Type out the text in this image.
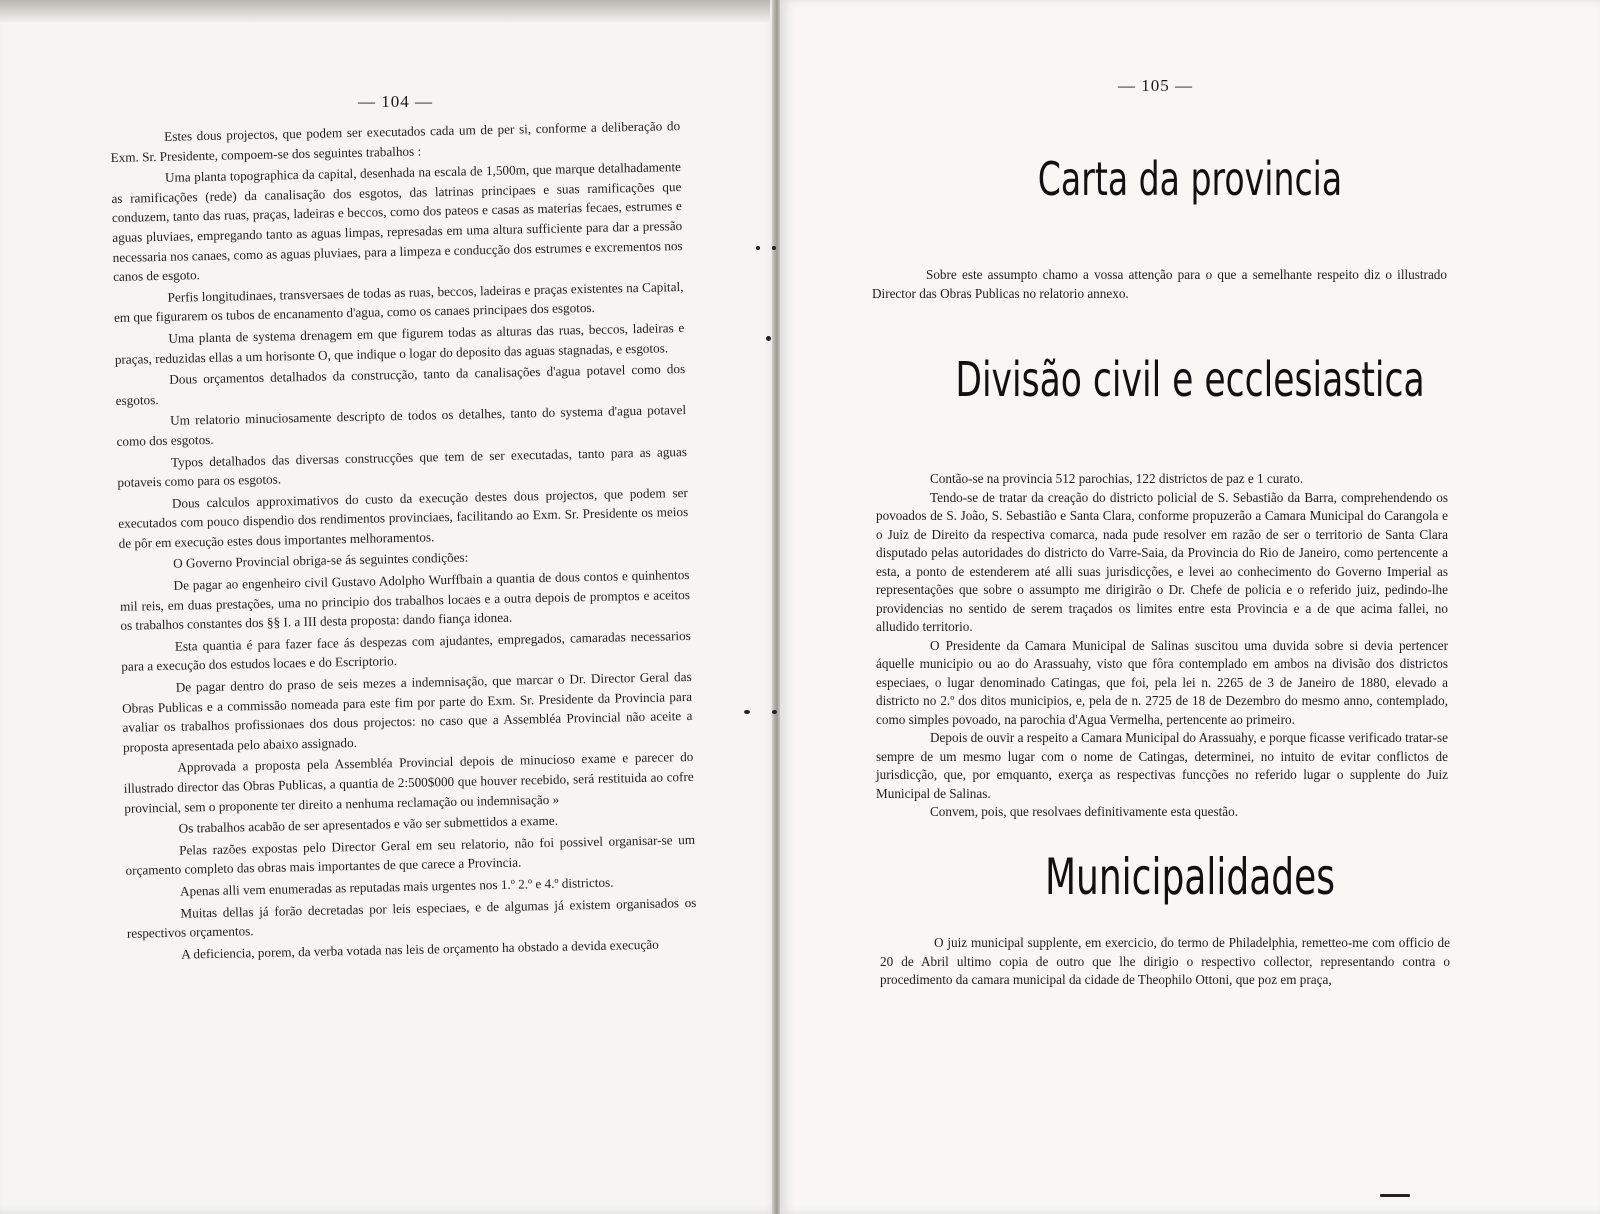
— 104 —

Estes dous projectos, que podem ser executados cada um de per si, conforme a deliberação do Exm. Sr. Presidente, compoem-se dos seguintes trabalhos :

Uma planta topographica da capital, desenhada na escala de 1,500m, que marque detalhadamente as ramificações (rede) da canalisação dos esgotos, das latrinas principaes e suas ramificações que conduzem, tanto das ruas, praças, ladeiras e beccos, como dos pateos e casas as materias fecaes, estrumes e aguas pluviaes, empregando tanto as aguas limpas, represadas em uma altura sufficiente para dar a pressão necessaria nos canaes, como as aguas pluviaes, para a limpeza e conducção dos estrumes e excrementos nos canos de esgoto.

Perfis longitudinaes, transversaes de todas as ruas, beccos, ladeiras e praças existentes na Capital, em que figurarem os tubos de encanamento d'agua, como os canaes principaes dos esgotos.

Uma planta de systema drenagem em que figurem todas as alturas das ruas, beccos, ladeiras e praças, reduzidas ellas a um horisonte O, que indique o logar do deposito das aguas stagnadas, e esgotos.

Dous orçamentos detalhados da construcção, tanto da canalisações d'agua potavel como dos esgotos.

Um relatorio minuciosamente descripto de todos os detalhes, tanto do systema d'agua potavel como dos esgotos.

Typos detalhados das diversas construcções que tem de ser executadas, tanto para as aguas potaveis como para os esgotos.

Dous calculos approximativos do custo da execução destes dous projectos, que podem ser executados com pouco dispendio dos rendimentos provinciaes, facilitando ao Exm. Sr. Presidente os meios de pôr em execução estes dous importantes melhoramentos.

O Governo Provincial obriga-se ás seguintes condições:

De pagar ao engenheiro civil Gustavo Adolpho Wurffbain a quantia de dous contos e quinhentos mil reis, em duas prestações, uma no principio dos trabalhos locaes e a outra depois de promptos e aceitos os trabalhos constantes dos §§ I. a III desta proposta: dando fiança idonea.

Esta quantia é para fazer face ás despezas com ajudantes, empregados, camaradas necessarios para a execução dos estudos locaes e do Escriptorio.

De pagar dentro do praso de seis mezes a indemnisação, que marcar o Dr. Director Geral das Obras Publicas e a commissão nomeada para este fim por parte do Exm. Sr. Presidente da Provincia para avaliar os trabalhos profissionaes dos dous projectos: no caso que a Assembléa Provincial não aceite a proposta apresentada pelo abaixo assignado.

Approvada a proposta pela Assembléa Provincial depois de minucioso exame e parecer do illustrado director das Obras Publicas, a quantia de 2:500$000 que houver recebido, será restituida ao cofre provincial, sem o proponente ter direito a nenhuma reclamação ou indemnisação »

Os trabalhos acabão de ser apresentados e vão ser submettidos a exame.

Pelas razões expostas pelo Director Geral em seu relatorio, não foi possivel organisar-se um orçamento completo das obras mais importantes de que carece a Provincia.

Apenas alli vem enumeradas as reputadas mais urgentes nos 1.º 2.º e 4.º districtos.

Muitas dellas já forão decretadas por leis especiaes, e de algumas já existem organisados os respectivos orçamentos.

A deficiencia, porem, da verba votada nas leis de orçamento ha obstado a devida execução

— 105 —
Carta da provincia

Sobre este assumpto chamo a vossa attenção para o que a semelhante respeito diz o illustrado Director das Obras Publicas no relatorio annexo.

Divisão civil e ecclesiastica

Contão-se na provincia 512 parochias, 122 districtos de paz e 1 curato.

Tendo-se de tratar da creação do districto policial de S. Sebastião da Barra, comprehendendo os povoados de S. João, S. Sebastião e Santa Clara, conforme propuzerão a Camara Municipal do Carangola e o Juiz de Direito da respectiva comarca, nada pude resolver em razão de ser o territorio de Santa Clara disputado pelas autoridades do districto do Varre-Saia, da Provincia do Rio de Janeiro, como pertencente a esta, a ponto de estenderem até alli suas jurisdicções, e levei ao conhecimento do Governo Imperial as representações que sobre o assumpto me dirigirão o Dr. Chefe de policia e o referido juiz, pedindo-lhe providencias no sentido de serem traçados os limites entre esta Provincia e a de que acima fallei, no alludido territorio.

O Presidente da Camara Municipal de Salinas suscitou uma duvida sobre si devia pertencer áquelle municipio ou ao do Arassuahy, visto que fôra contemplado em ambos na divisão dos districtos especiaes, o lugar denominado Catingas, que foi, pela lei n. 2265 de 3 de Janeiro de 1880, elevado a districto no 2.º dos ditos municipios, e, pela de n. 2725 de 18 de Dezembro do mesmo anno, contemplado, como simples povoado, na parochia d'Agua Vermelha, pertencente ao primeiro.

Depois de ouvir a respeito a Camara Municipal do Arassuahy, e porque ficasse verificado tratar-se sempre de um mesmo lugar com o nome de Catingas, determinei, no intuito de evitar conflictos de jurisdicção, que, por emquanto, exerça as respectivas funcções no referido lugar o supplente do Juiz Municipal de Salinas.

Convem, pois, que resolvaes definitivamente esta questão.

Municipalidades

O juiz municipal supplente, em exercicio, do termo de Philadelphia, remetteo-me com officio de 20 de Abril ultimo copia de outro que lhe dirigio o respectivo collector, representando contra o procedimento da camara municipal da cidade de Theophilo Ottoni, que poz em praça,
